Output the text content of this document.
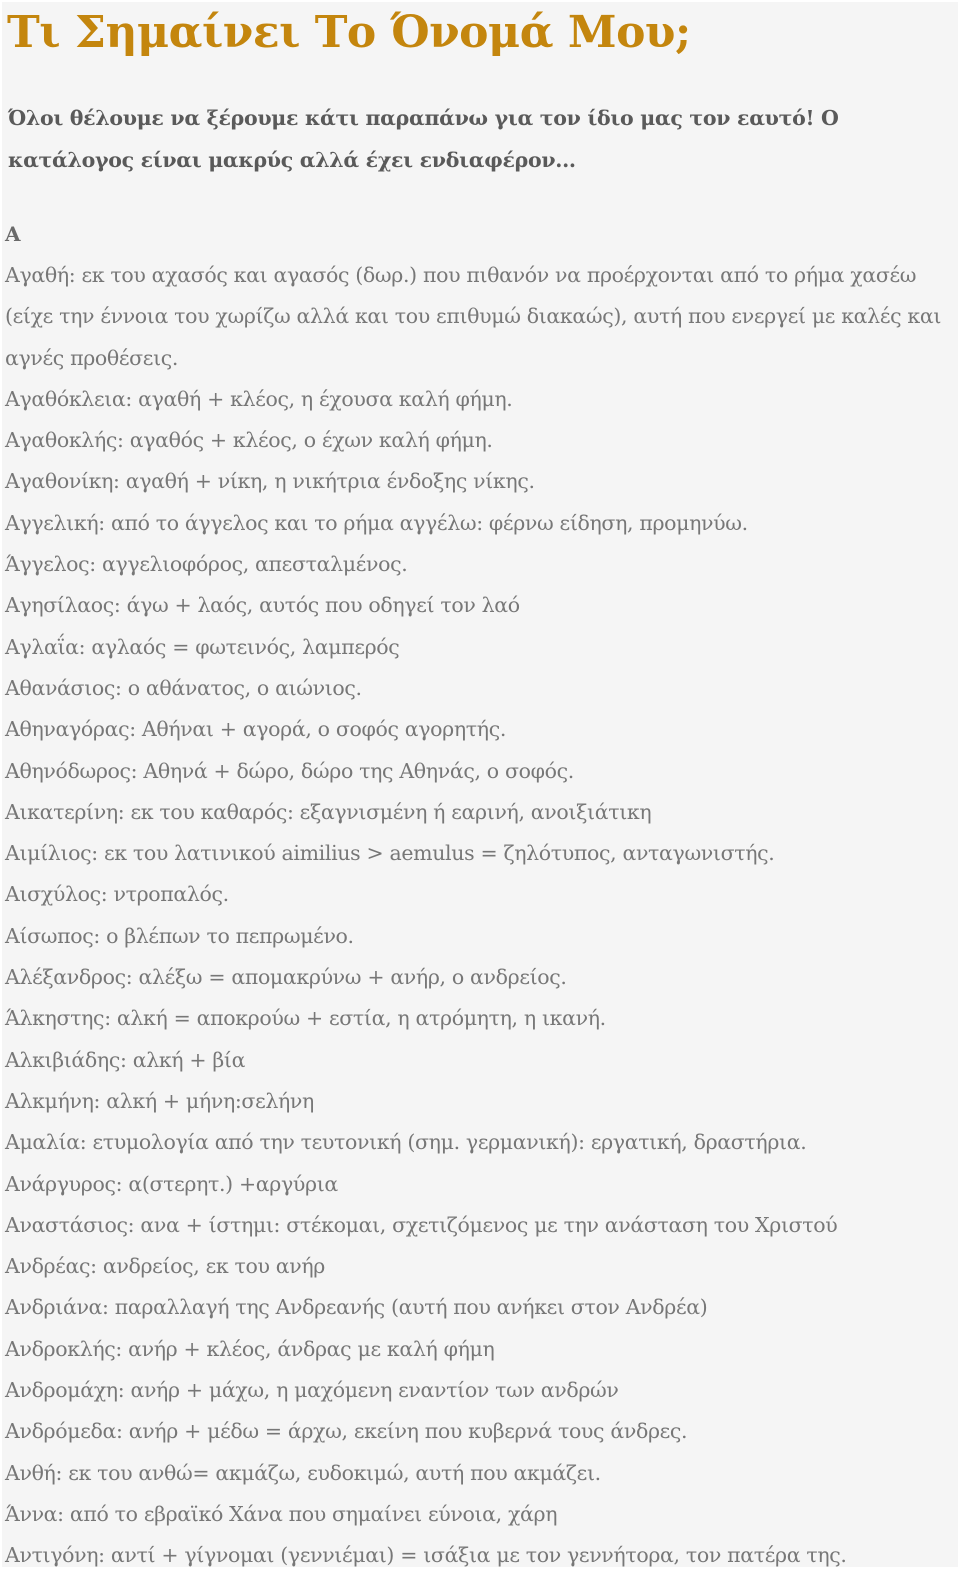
Τι Σημαίνει Το Όνομά Μου;
Όλοι θέλουμε να ξέρουμε κάτι παραπάνω για τον ίδιο μας τον εαυτό! Ο κατάλογος είναι μακρύς αλλά έχει ενδιαφέρον...
Α

Αγαθή: εκ του αχασός και αγασός (δωρ.) που πιθανόν να προέρχονται από το ρήμα χασέω (είχε την έννοια του χωρίζω αλλά και του επιθυμώ διακαώς), αυτή που ενεργεί με καλές και αγνές προθέσεις.

Αγαθόκλεια: αγαθή + κλέος, η έχουσα καλή φήμη.

Αγαθοκλής: αγαθός + κλέος, ο έχων καλή φήμη.

Αγαθονίκη: αγαθή + νίκη, η νικήτρια ένδοξης νίκης.

Αγγελική: από το άγγελος και το ρήμα αγγέλω: φέρνω είδηση, προμηνύω.

Άγγελος: αγγελιοφόρος, απεσταλμένος.

Αγησίλαος: άγω + λαός, αυτός που οδηγεί τον λαό

Αγλαΐα: αγλαός = φωτεινός, λαμπερός

Αθανάσιος: ο αθάνατος, ο αιώνιος.

Αθηναγόρας: Αθήναι + αγορά, ο σοφός αγορητής.

Αθηνόδωρος: Αθηνά + δώρο, δώρο της Αθηνάς, ο σοφός.

Αικατερίνη: εκ του καθαρός: εξαγνισμένη ή εαρινή, ανοιξιάτικη

Αιμίλιος: εκ του λατινικού aimilius > aemulus = ζηλότυπος, ανταγωνιστής.

Αισχύλος: ντροπαλός.

Αίσωπος: ο βλέπων το πεπρωμένο.

Αλέξανδρος: αλέξω = απομακρύνω + ανήρ, ο ανδρείος.

Άλκηστης: αλκή = αποκρούω + εστία, η ατρόμητη, η ικανή.

Αλκιβιάδης: αλκή + βία

Αλκμήνη: αλκή + μήνη:σελήνη

Αμαλία: ετυμολογία από την τευτονική (σημ. γερμανική): εργατική, δραστήρια.

Ανάργυρος: α(στερητ.) +αργύρια

Αναστάσιος: ανα + ίστημι: στέκομαι, σχετιζόμενος με την ανάσταση του Χριστού

Ανδρέας: ανδρείος, εκ του ανήρ

Ανδριάνα: παραλλαγή της Ανδρεανής (αυτή που ανήκει στον Ανδρέα)

Ανδροκλής: ανήρ + κλέος, άνδρας με καλή φήμη

Ανδρομάχη: ανήρ + μάχω, η μαχόμενη εναντίον των ανδρών

Ανδρόμεδα: ανήρ + μέδω = άρχω, εκείνη που κυβερνά τους άνδρες.

Ανθή: εκ του ανθώ= ακμάζω, ευδοκιμώ, αυτή που ακμάζει.

Άννα: από το εβραϊκό Χάνα που σημαίνει εύνοια, χάρη

Αντιγόνη: αντί + γίγνομαι (γεννιέμαι) = ισάξια με τον γεννήτορα, τον πατέρα της.
